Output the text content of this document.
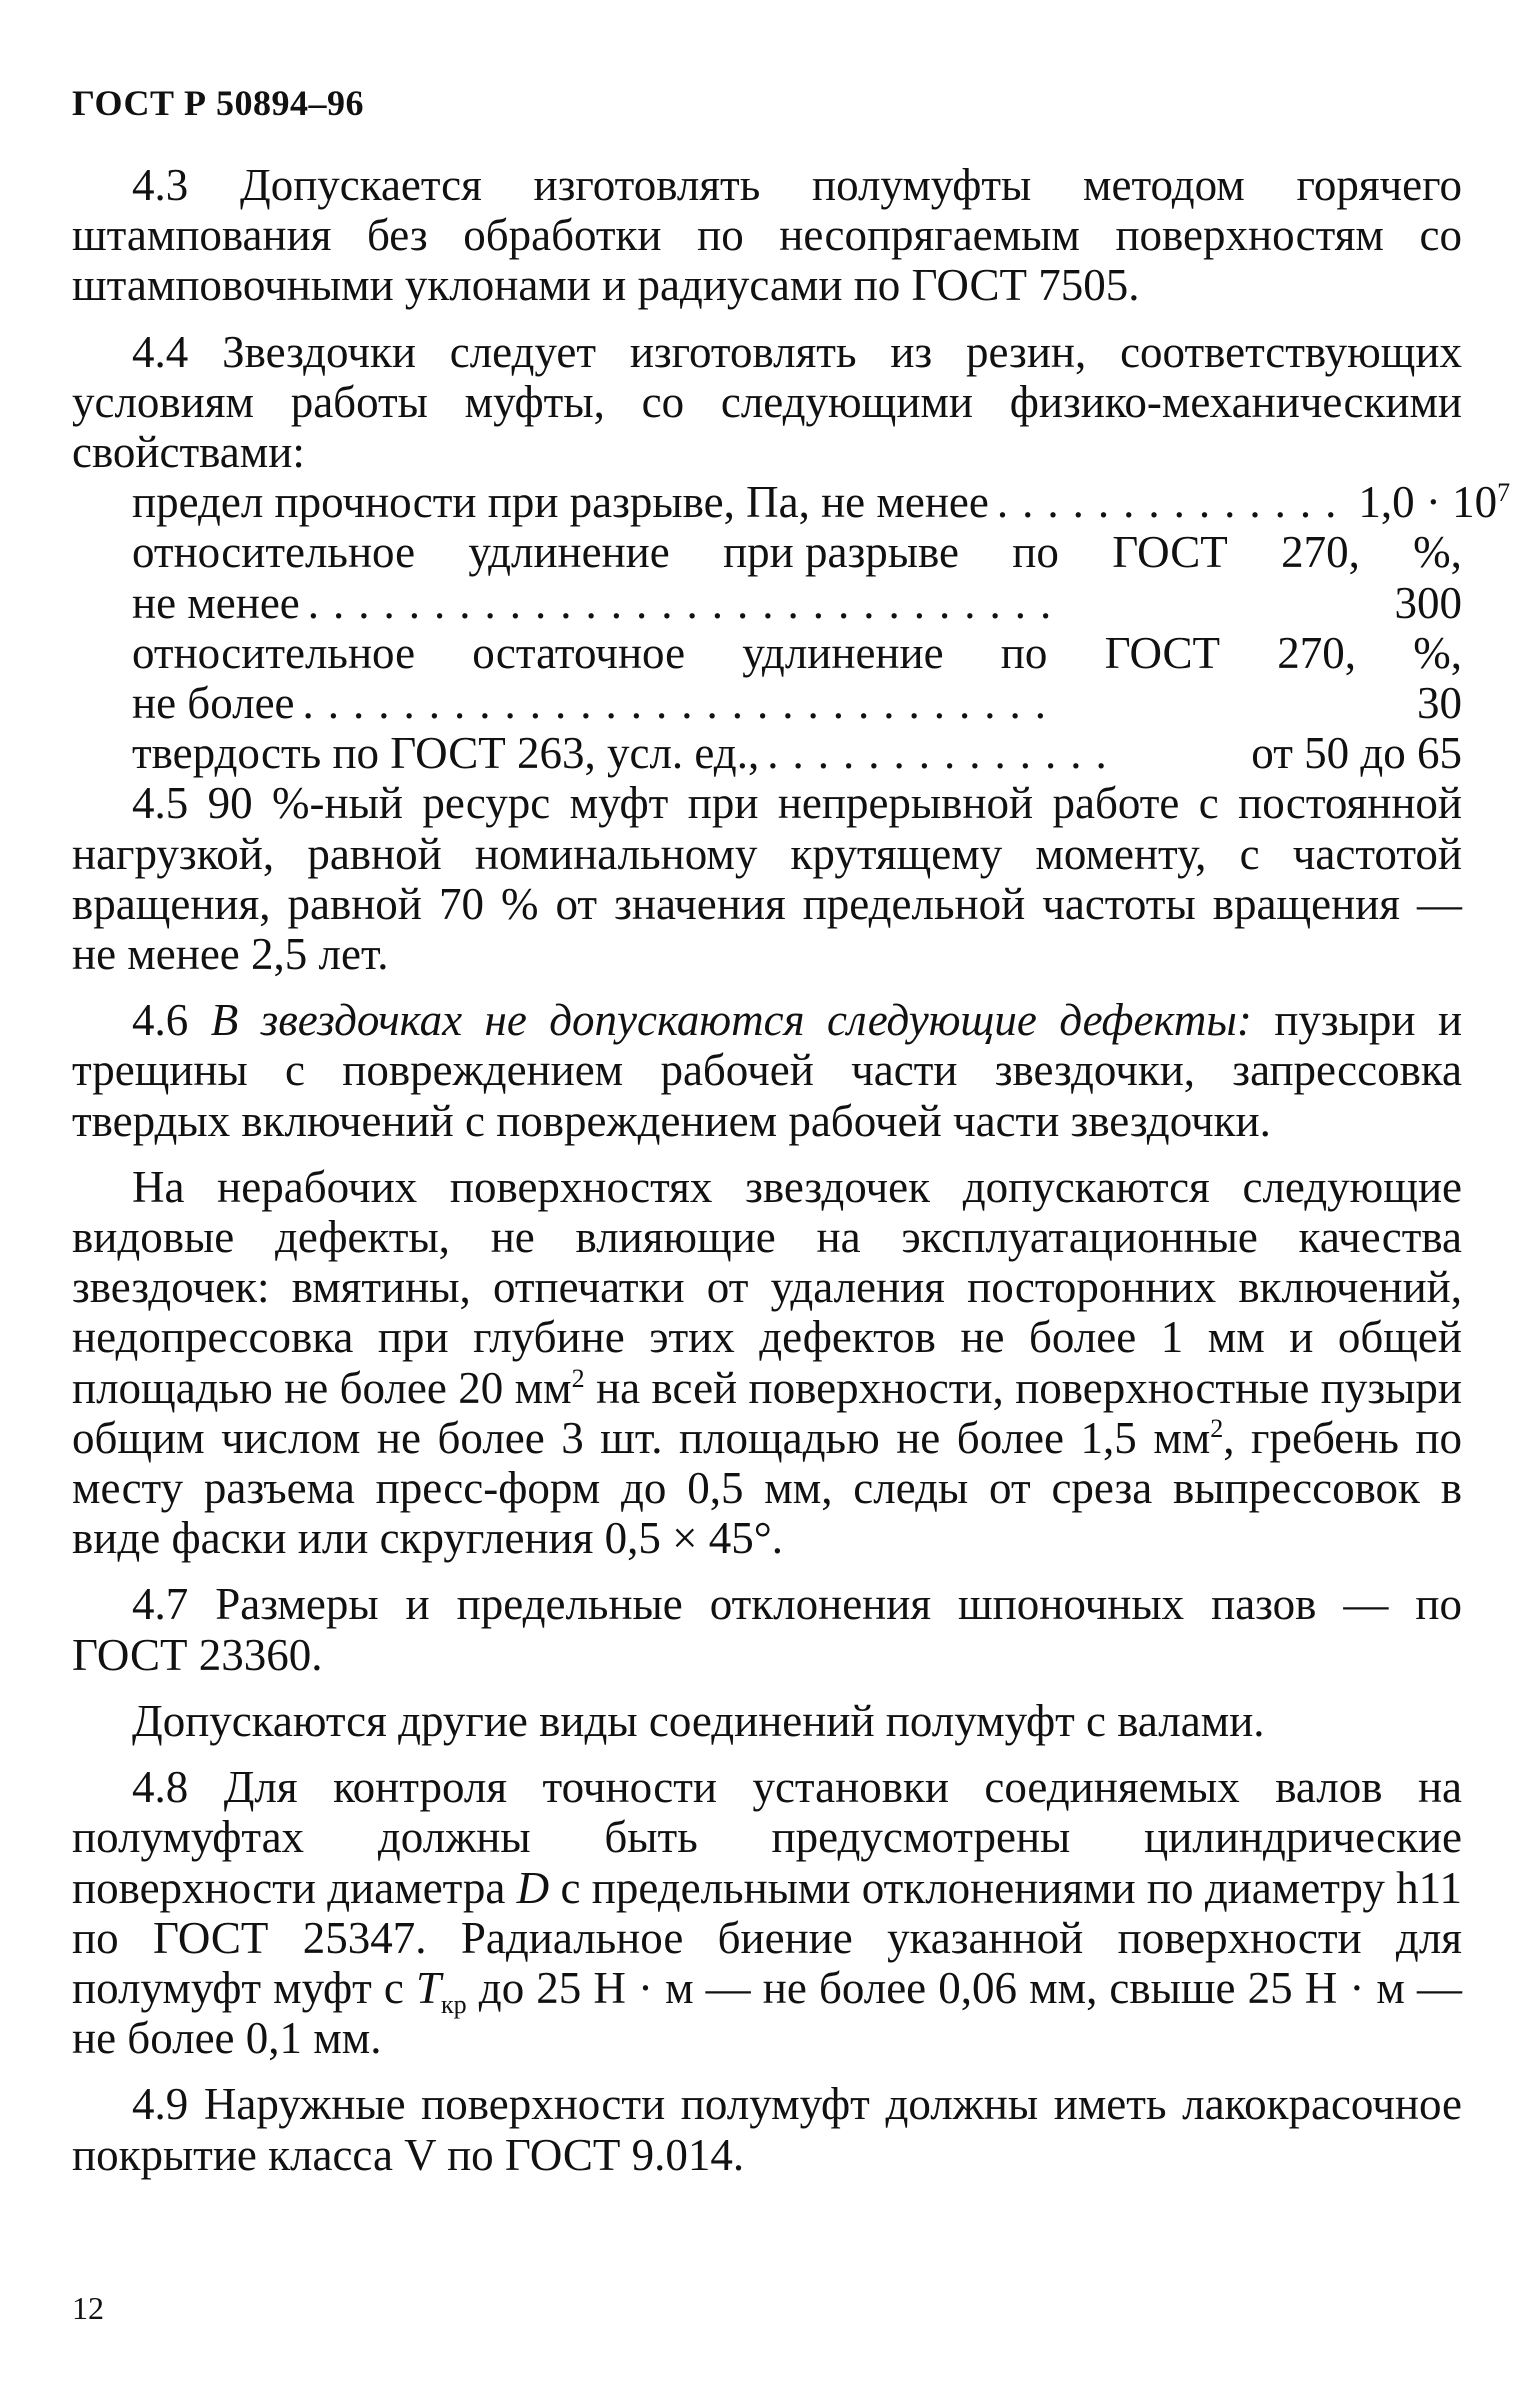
ГОСТ Р 50894–96

4.3 Допускается изготовлять полумуфты методом горячего штампования без обработки по несопрягаемым поверхностям со штамповочными уклонами и радиусами по ГОСТ 7505.

4.4 Звездочки следует изготовлять из резин, соответствующих условиям работы муфты, со следующими физико-механическими свойствами:

предел прочности при разрыве, Па, не менее .............. $1,0 \cdot 10^7$
относительное удлинение при разрыве по ГОСТ 270, %,
не менее ..............................	300
относительное остаточное удлинение по ГОСТ 270, %,
не более ..............................	30
твердость по ГОСТ 263, усл. ед., ..............	от 50 до 65

4.5 90 %-ный ресурс муфт при непрерывной работе с постоянной нагрузкой, равной номинальному крутящему моменту, с частотой вращения, равной 70 % от значения предельной частоты вращения — не менее 2,5 лет.

4.6 В звездочках не допускаются следующие дефекты: пузыри и трещины с повреждением рабочей части звездочки, запрессовка твердых включений с повреждением рабочей части звездочки.

На нерабочих поверхностях звездочек допускаются следующие видовые дефекты, не влияющие на эксплуатационные качества звездочек: вмятины, отпечатки от удаления посторонних включений, недопрессовка при глубине этих дефектов не более 1 мм и общей площадью не более 20 $мм^2$ на всей поверхности, поверхностные пузыри общим числом не более 3 шт. площадью не более 1,5 $мм^2$, гребень по месту разъема пресс-форм до 0,5 мм, следы от среза выпрессовок в виде фаски или скругления 0,5 × 45°.

4.7 Размеры и предельные отклонения шпоночных пазов — по ГОСТ 23360.

Допускаются другие виды соединений полумуфт с валами.

4.8 Для контроля точности установки соединяемых валов на полумуфтах должны быть предусмотрены цилиндрические поверхности диаметра D с предельными отклонениями по диаметру h11 по ГОСТ 25347. Радиальное биение указанной поверхности для полумуфт муфт с $T_{кр}$ до 25 Н · м — не более 0,06 мм, свыше 25 Н · м — не более 0,1 мм.

4.9 Наружные поверхности полумуфт должны иметь лакокрасочное покрытие класса V по ГОСТ 9.014.

12
